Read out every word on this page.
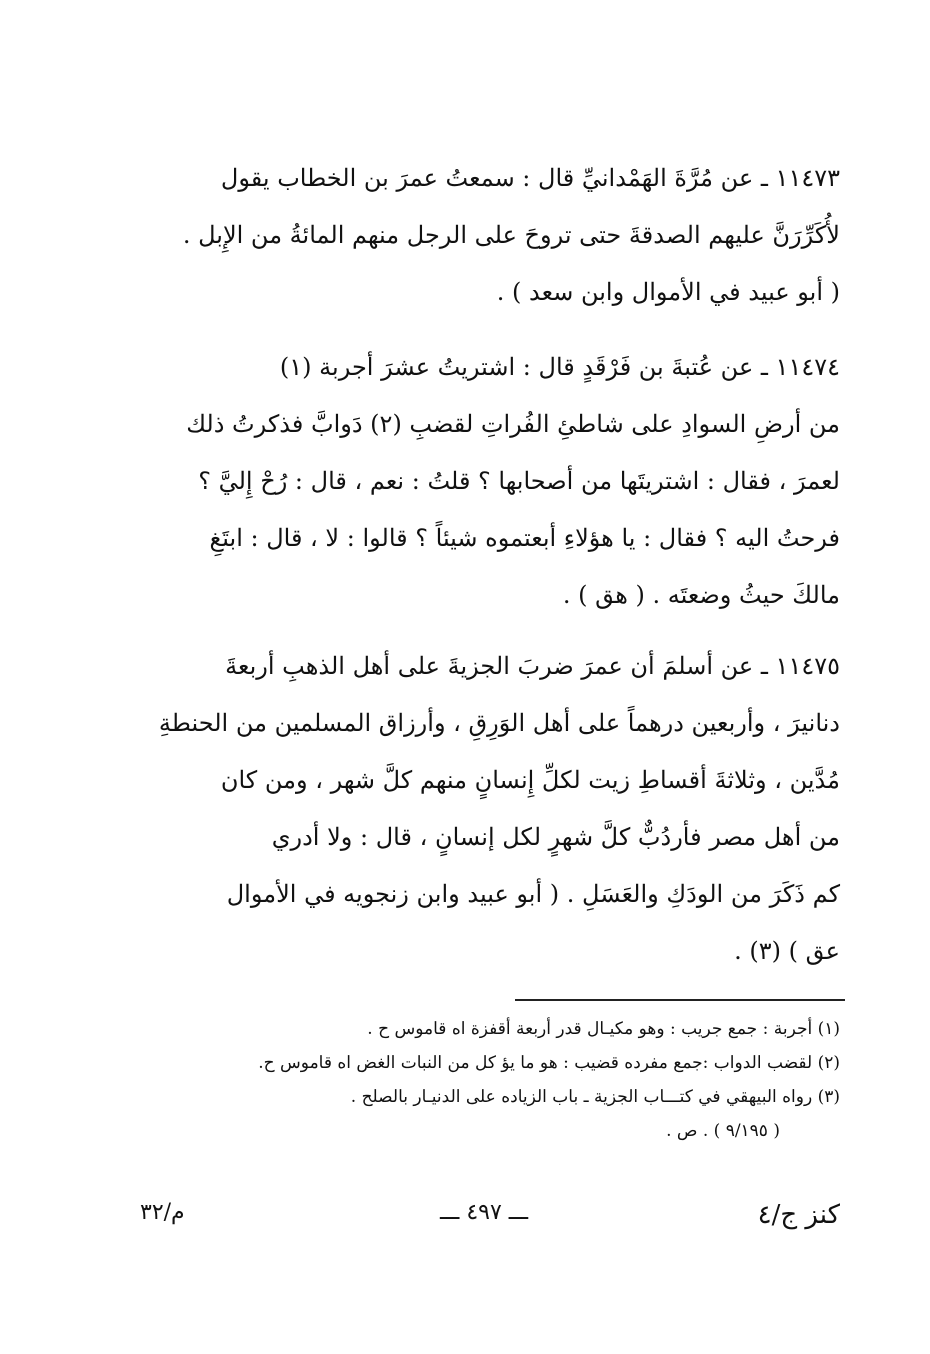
١١٤٧٣ ـ عن مُرَّةَ الهَمْدانيِّ قال : سمعتُ عمرَ بن الخطاب يقول
لأُكَرِّرَنَّ عليهم الصدقةَ حتى تروحَ على الرجل منهم المائةُ من الإِبل .
( أبو عبيد في الأموال وابن سعد ) .
١١٤٧٤ ـ عن عُتبةَ بن فَرْقَدٍ قال : اشتريتُ عشرَ أجربة (١)
من أرضِ السوادِ على شاطئِ الفُراتِ لقضبِ (٢) دَوابَّ فذكرتُ ذلك
لعمرَ ، فقال : اشتريتَها من أصحابها ؟ قلتُ : نعم ، قال : رُحْ إِليَّ ؟
فرحتُ اليه ؟ فقال : يا هؤلاءِ أبعتموه شيئاً ؟ قالوا : لا ، قال : ابتَغِ
مالكَ حيثُ وضعتَه . ( هق ) .
١١٤٧٥ ـ عن أسلمَ أن عمرَ ضربَ الجزيةَ على أهل الذهبِ أربعةَ
دنانيرَ ، وأربعين درهماً على أهل الوَرِقِ ، وأرزاق المسلمين من الحنطةِ
مُدَّين ، وثلاثةَ أقساطِ زيت لكلِّ إِنسانٍ منهم كلَّ شهر ، ومن كان
من أهل مصر فأردُبٌّ كلَّ شهرٍ لكل إنسانٍ ، قال : ولا أدري
كم ذَكَرَ من الودَكِ والعَسَلِ . ( أبو عبيد وابن زنجويه في الأموال
عق ) (٣) .
(١) أجربة : جمع جريب : وهو مكيـال قدر أربعة أقفزة اه قاموس ح .
(٢) لقضب الدواب :جمع مفرده قضيب : هو ما يؤ كل من النبات الغض اه قاموس ح.
(٣) رواه البيهقي في كتـــاب الجزية ـ باب الزياده على الدنيـار بالصلح .
( ٩/١٩٥ ) . ص .
كنز ج/٤
ـــ ٤٩٧ ـــ
م/٣٢
